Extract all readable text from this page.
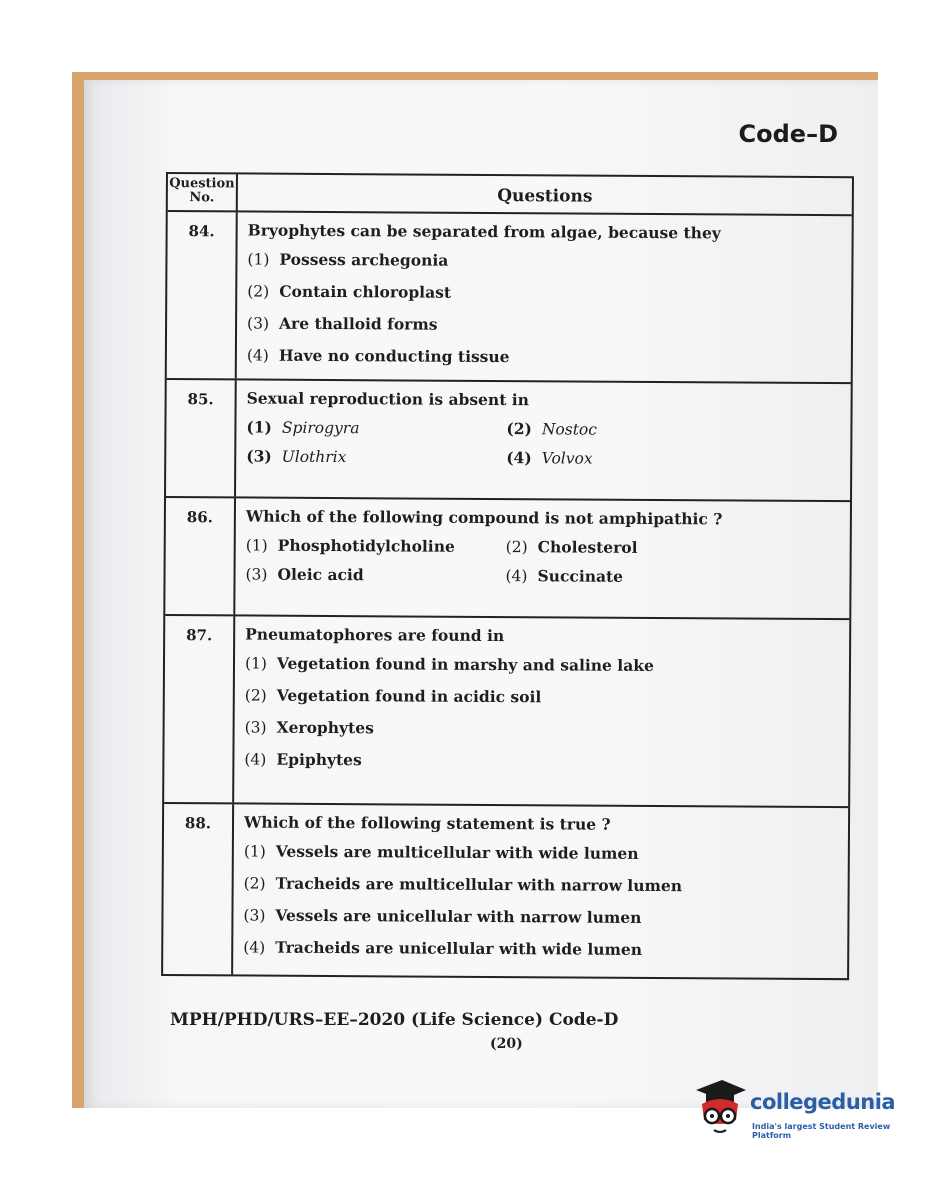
Code–D
Question No.	Questions
84.	Bryophytes can be separated from algae, because they
(1) Possess archegonia
(2) Contain chloroplast
(3) Are thalloid forms
(4) Have no conducting tissue
85.	Sexual reproduction is absent in
(1) Spirogyra	(2) Nostoc
(3) Ulothrix	(4) Volvox
86.	Which of the following compound is not amphipathic ?
(1) Phosphotidylcholine	(2) Cholesterol
(3) Oleic acid	(4) Succinate
87.	Pneumatophores are found in
(1) Vegetation found in marshy and saline lake
(2) Vegetation found in acidic soil
(3) Xerophytes
(4) Epiphytes
88.	Which of the following statement is true ?
(1) Vessels are multicellular with wide lumen
(2) Tracheids are multicellular with narrow lumen
(3) Vessels are unicellular with narrow lumen
(4) Tracheids are unicellular with wide lumen
MPH/PHD/URS–EE–2020 (Life Science) Code-D
(20)
collegedunia
India's largest Student Review Platform
